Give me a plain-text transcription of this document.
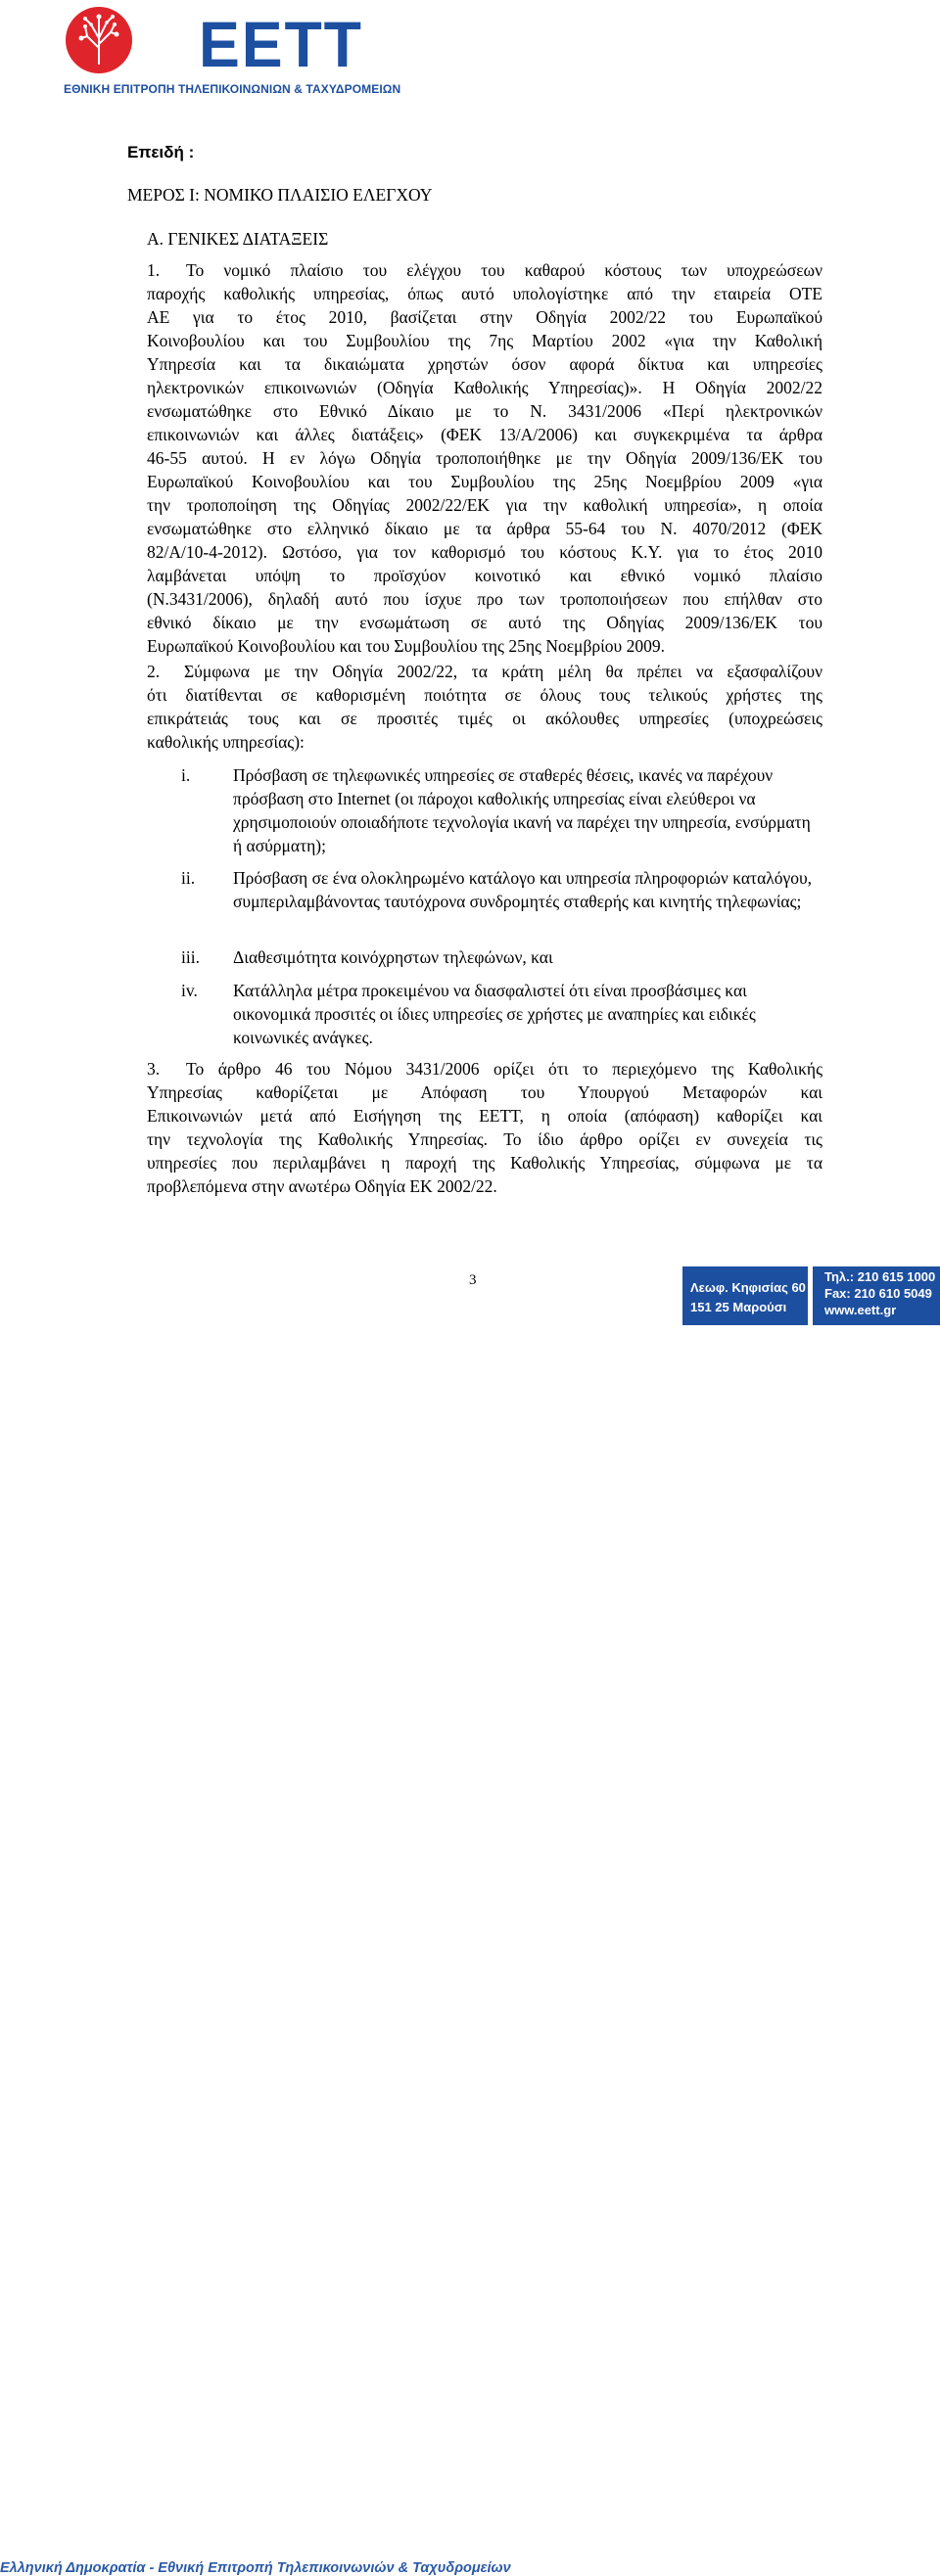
EETT
ΕΘΝΙΚΗ ΕΠΙΤΡΟΠΗ ΤΗΛΕΠΙΚΟΙΝΩΝΙΩΝ & ΤΑΧΥΔΡΟΜΕΙΩΝ
Επειδή :
ΜΕΡΟΣ Ι: ΝΟΜΙΚΟ ΠΛΑΙΣΙΟ ΕΛΕΓΧΟΥ
Α. ΓΕΝΙΚΕΣ ΔΙΑΤΑΞΕΙΣ
1. Το νομικό πλαίσιο του ελέγχου του καθαρού κόστους των υποχρεώσεων
παροχής καθολικής υπηρεσίας, όπως αυτό υπολογίστηκε από την εταιρεία ΟΤΕ
ΑΕ για το έτος 2010, βασίζεται στην Οδηγία 2002/22 του Ευρωπαϊκού
Κοινοβουλίου και του Συμβουλίου της 7ης Μαρτίου 2002 «για την Καθολική
Υπηρεσία και τα δικαιώματα χρηστών όσον αφορά δίκτυα και υπηρεσίες
ηλεκτρονικών επικοινωνιών (Οδηγία Καθολικής Υπηρεσίας)». Η Οδηγία 2002/22
ενσωματώθηκε στο Εθνικό Δίκαιο με το Ν. 3431/2006 «Περί ηλεκτρονικών
επικοινωνιών και άλλες διατάξεις» (ΦΕΚ 13/Α/2006) και συγκεκριμένα τα άρθρα
46-55 αυτού. Η εν λόγω Οδηγία τροποποιήθηκε με την Οδηγία 2009/136/ΕΚ του
Ευρωπαϊκού Κοινοβουλίου και του Συμβουλίου της 25ης Νοεμβρίου 2009 «για
την τροποποίηση της Οδηγίας 2002/22/ΕΚ για την καθολική υπηρεσία», η οποία
ενσωματώθηκε στο ελληνικό δίκαιο με τα άρθρα 55-64 του Ν. 4070/2012 (ΦΕΚ
82/Α/10-4-2012). Ωστόσο, για τον καθορισμό του κόστους Κ.Υ. για το έτος 2010
λαμβάνεται υπόψη το προϊσχύον κοινοτικό και εθνικό νομικό πλαίσιο
(Ν.3431/2006), δηλαδή αυτό που ίσχυε προ των τροποποιήσεων που επήλθαν στο
εθνικό δίκαιο με την ενσωμάτωση σε αυτό της Οδηγίας 2009/136/ΕΚ του
Ευρωπαϊκού Κοινοβουλίου και του Συμβουλίου της 25ης Νοεμβρίου 2009.
2. Σύμφωνα με την Οδηγία 2002/22, τα κράτη μέλη θα πρέπει να εξασφαλίζουν
ότι διατίθενται σε καθορισμένη ποιότητα σε όλους τους τελικούς χρήστες της
επικράτειάς τους και σε προσιτές τιμές οι ακόλουθες υπηρεσίες (υποχρεώσεις
καθολικής υπηρεσίας):
i.	Πρόσβαση σε τηλεφωνικές υπηρεσίες σε σταθερές θέσεις, ικανές να παρέχουν πρόσβαση στο Internet (οι πάροχοι καθολικής υπηρεσίας είναι ελεύθεροι να χρησιμοποιούν οποιαδήποτε τεχνολογία ικανή να παρέχει την υπηρεσία, ενσύρματη ή ασύρματη);
ii. Πρόσβαση σε ένα ολοκληρωμένο κατάλογο και υπηρεσία πληροφοριών καταλόγου, συμπεριλαμβάνοντας ταυτόχρονα συνδρομητές σταθερής και κινητής τηλεφωνίας;
iii. Διαθεσιμότητα κοινόχρηστων τηλεφώνων, και
iv. Κατάλληλα μέτρα προκειμένου να διασφαλιστεί ότι είναι προσβάσιμες και οικονομικά προσιτές οι ίδιες υπηρεσίες σε χρήστες με αναπηρίες και ειδικές κοινωνικές ανάγκες.
3. Το άρθρο 46 του Νόμου 3431/2006 ορίζει ότι το περιεχόμενο της Καθολικής
Υπηρεσίας καθορίζεται με Απόφαση του Υπουργού Μεταφορών και
Επικοινωνιών μετά από Εισήγηση της ΕΕΤΤ, η οποία (απόφαση) καθορίζει και
την τεχνολογία της Καθολικής Υπηρεσίας. Το ίδιο άρθρο ορίζει εν συνεχεία τις
υπηρεσίες που περιλαμβάνει η παροχή της Καθολικής Υπηρεσίας, σύμφωνα με τα
προβλεπόμενα στην ανωτέρω Οδηγία ΕΚ 2002/22.
3
Ελληνική Δημοκρατία - Εθνική Επιτροπή Τηλεπικοινωνιών & Ταχυδρομείων
Λεωφ. Κηφισίας 60
151 25 Μαρούσι
Τηλ.: 210 615 1000
Fax: 210 610 5049
www.eett.gr
